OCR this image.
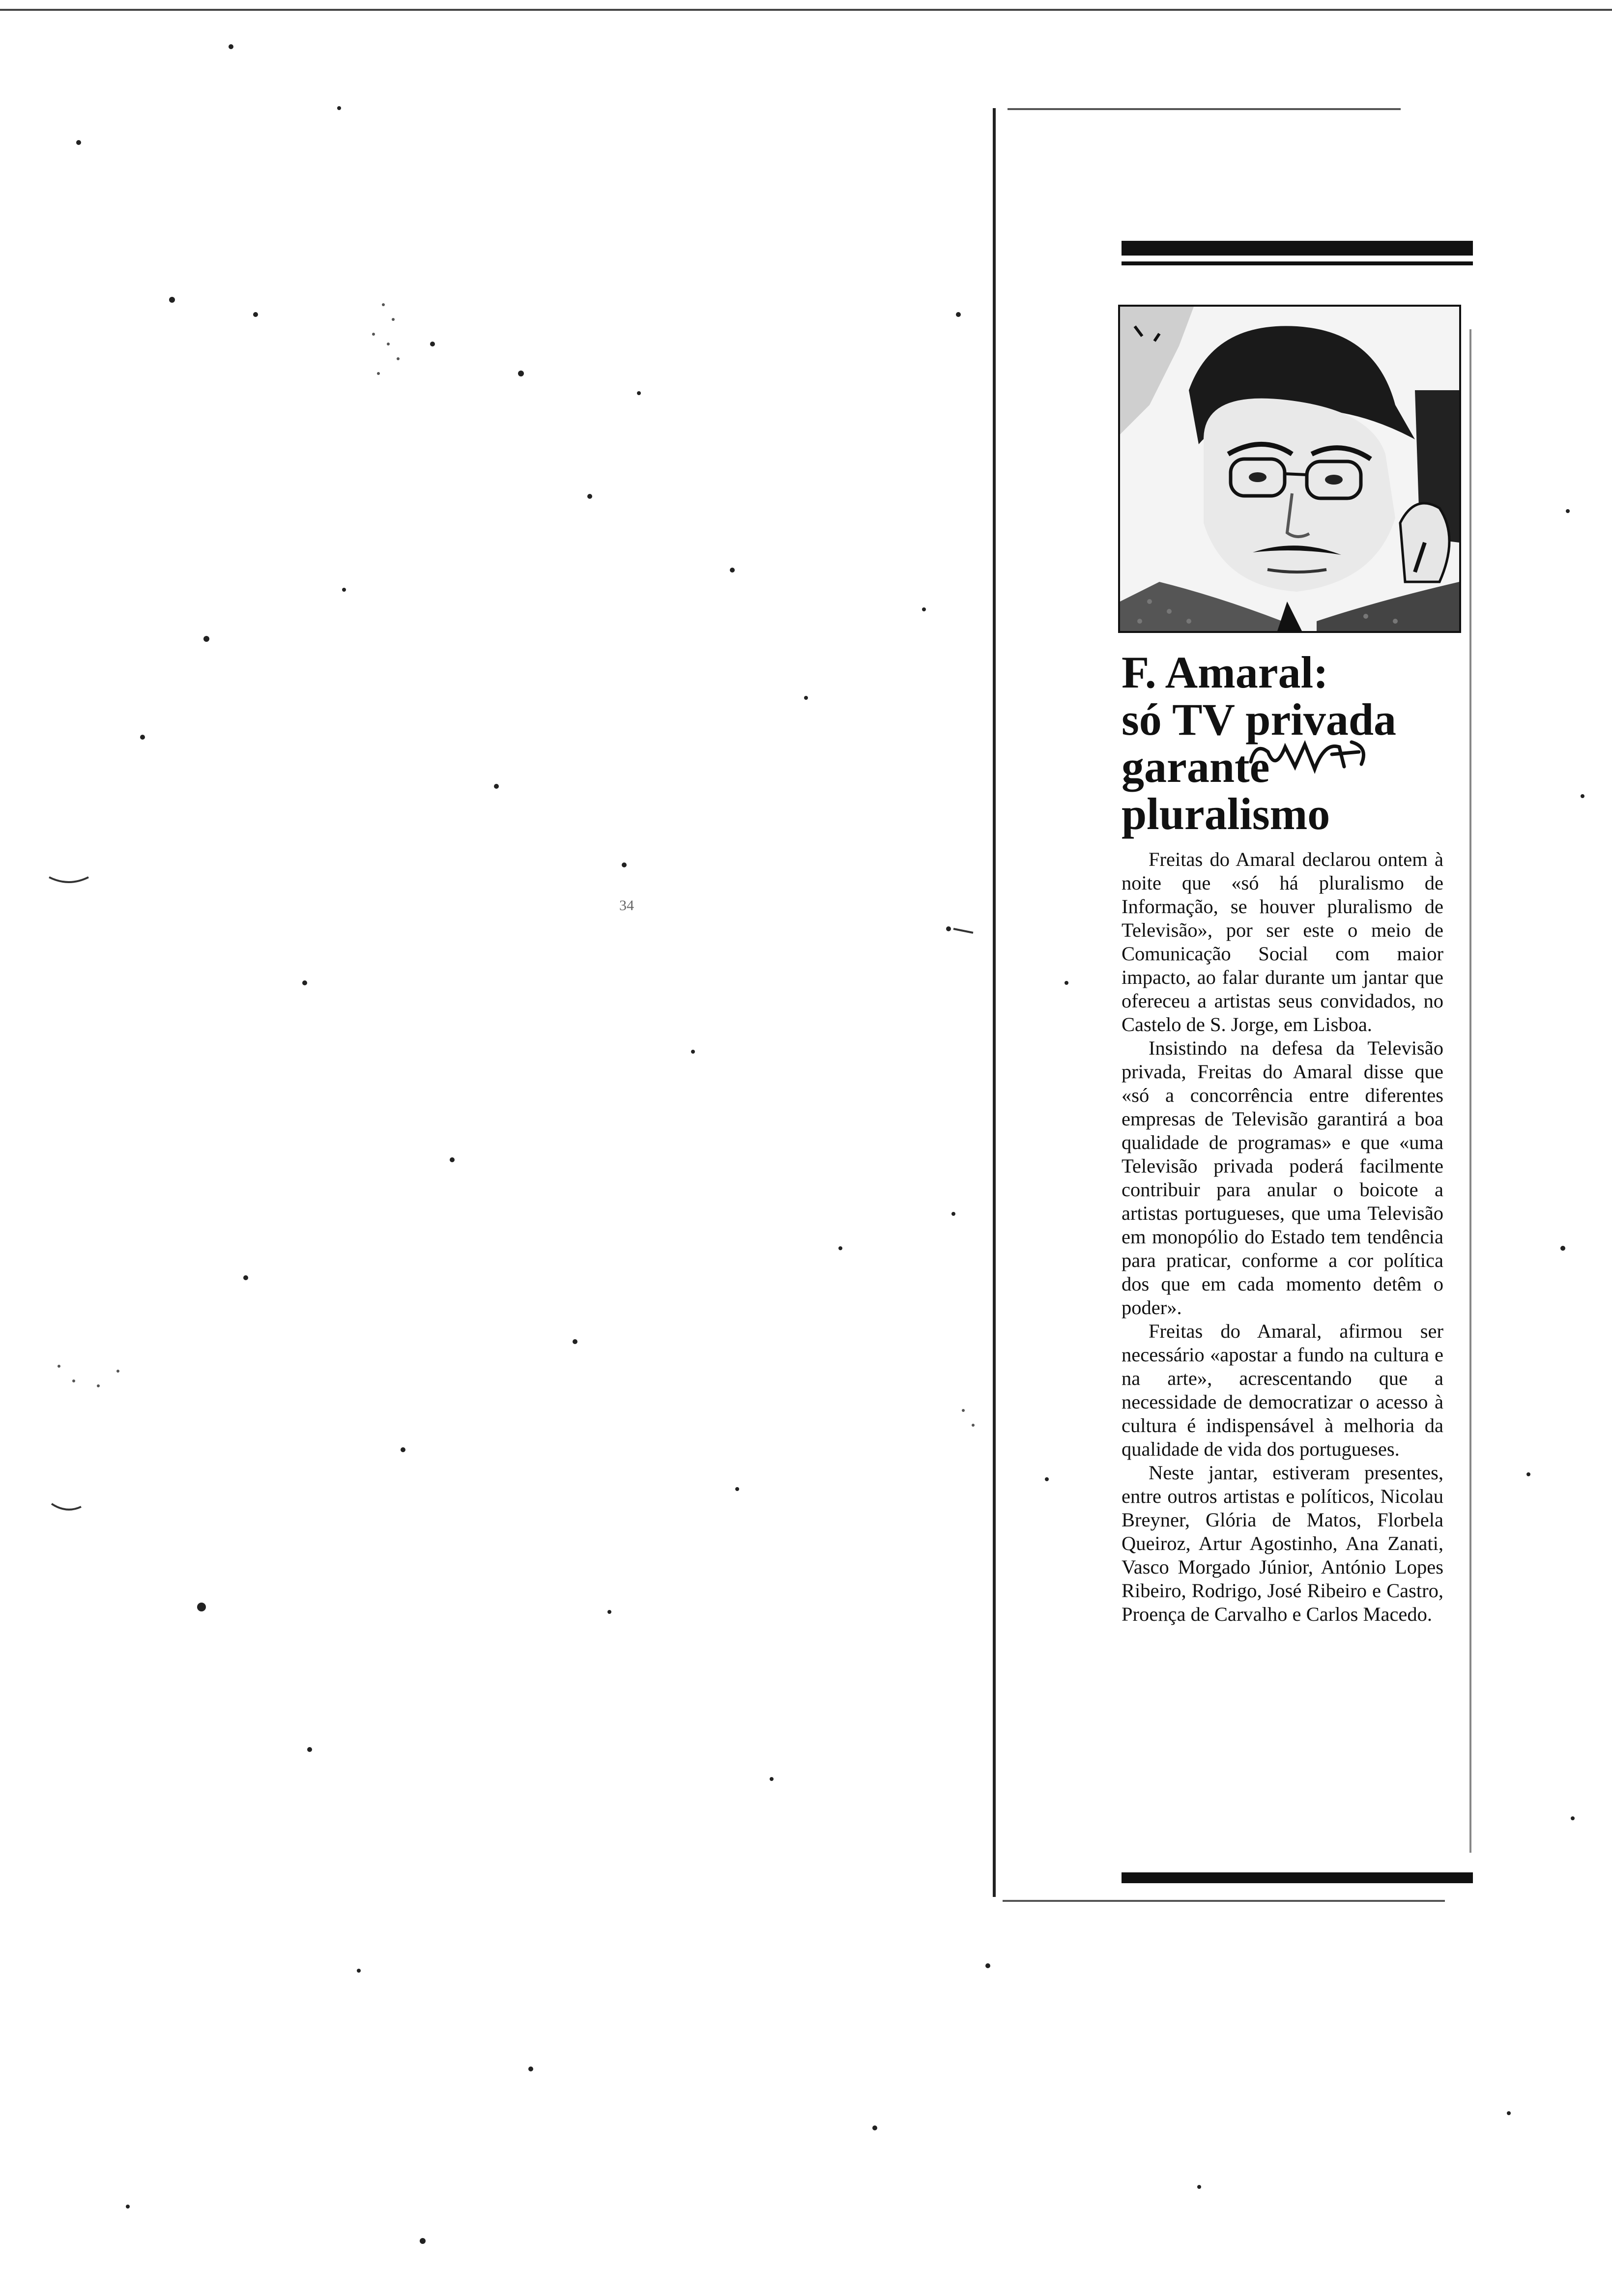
34
F. Amaral:
só TV privada
garante
pluralismo

Freitas do Amaral declarou ontem à noite que «só há pluralismo de Informação, se houver pluralismo de Televisão», por ser este o meio de Comunicação Social com maior impacto, ao falar durante um jantar que ofereceu a artistas seus convidados, no Castelo de S. Jorge, em Lisboa.

Insistindo na defesa da Televisão privada, Freitas do Amaral disse que «só a concorrência entre diferentes empresas de Televisão garantirá a boa qualidade de programas» e que «uma Televisão privada poderá facilmente contribuir para anular o boicote a artistas portugueses, que uma Televisão em monopólio do Estado tem tendência para praticar, conforme a cor política dos que em cada momento detêm o poder».

Freitas do Amaral, afirmou ser necessário «apostar a fundo na cultura e na arte», acrescentando que a necessidade de democratizar o acesso à cultura é indispensável à melhoria da qualidade de vida dos portugueses.

Neste jantar, estiveram presentes, entre outros artistas e políticos, Nicolau Breyner, Glória de Matos, Florbela Queiroz, Artur Agostinho, Ana Zanati, Vasco Morgado Júnior, António Lopes Ribeiro, Rodrigo, José Ribeiro e Castro, Proença de Carvalho e Carlos Macedo.
